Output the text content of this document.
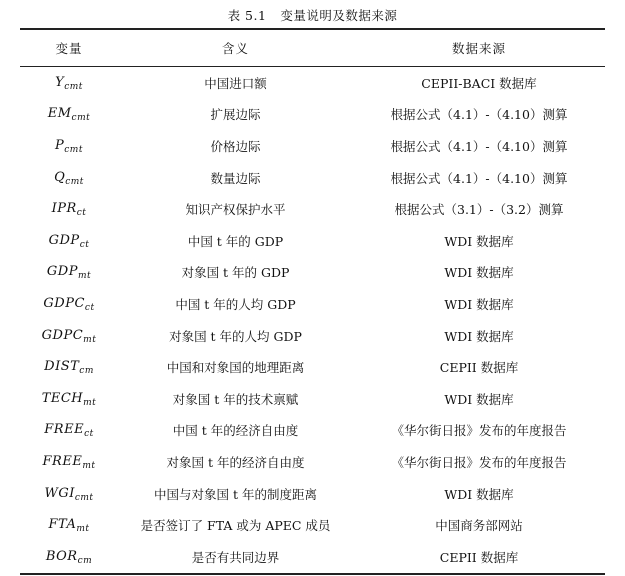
表 5.1 变量说明及数据来源
变量	含义	数据来源
$Y_{cmt}$	中国进口额	CEPII-BACI 数据库
$EM_{cmt}$	扩展边际	根据公式（4.1）-（4.10）测算
$P_{cmt}$	价格边际	根据公式（4.1）-（4.10）测算
$Q_{cmt}$	数量边际	根据公式（4.1）-（4.10）测算
$IPR_{ct}$	知识产权保护水平	根据公式（3.1）-（3.2）测算
$GDP_{ct}$	中国 t 年的 GDP	WDI 数据库
$GDP_{mt}$	对象国 t 年的 GDP	WDI 数据库
$GDPC_{ct}$	中国 t 年的人均 GDP	WDI 数据库
$GDPC_{mt}$	对象国 t 年的人均 GDP	WDI 数据库
$DIST_{cm}$	中国和对象国的地理距离	CEPII 数据库
$TECH_{mt}$	对象国 t 年的技术禀赋	WDI 数据库
$FREE_{ct}$	中国 t 年的经济自由度	《华尔街日报》发布的年度报告
$FREE_{mt}$	对象国 t 年的经济自由度	《华尔街日报》发布的年度报告
$WGI_{cmt}$	中国与对象国 t 年的制度距离	WDI 数据库
$FTA_{mt}$	是否签订了 FTA 或为 APEC 成员	中国商务部网站
$BOR_{cm}$	是否有共同边界	CEPII 数据库
